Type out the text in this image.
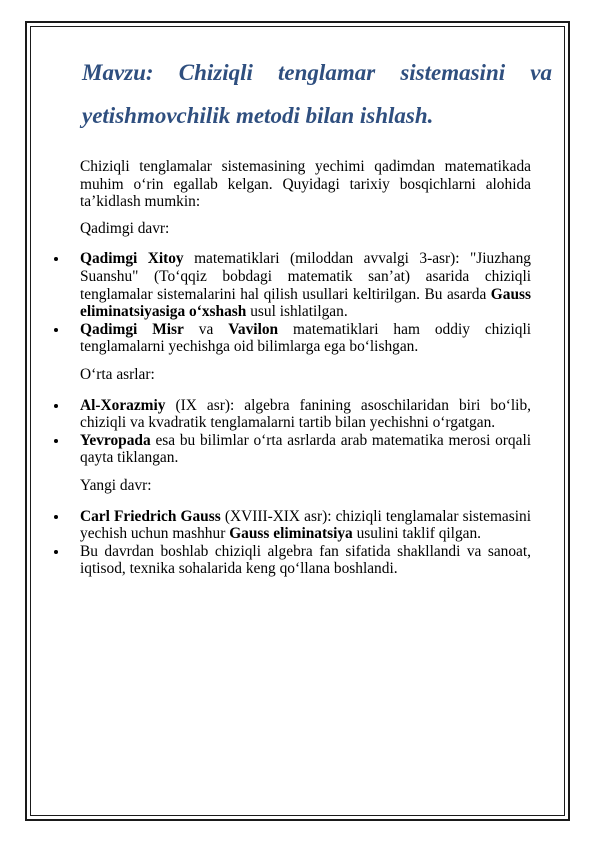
Mavzu: Chiziqli tenglamar sistemasini va
yetishmovchilik metodi bilan ishlash.

Chiziqli tenglamalar sistemasining yechimi qadimdan matematikada muhim o‘rin egallab kelgan. Quyidagi tarixiy bosqichlarni alohida ta’kidlash mumkin:

Qadimgi davr:

Qadimgi Xitoy matematiklari (miloddan avvalgi 3-asr): "Jiuzhang Suanshu" (To‘qqiz bobdagi matematik san’at) asarida chiziqli tenglamalar sistemalarini hal qilish usullari keltirilgan. Bu asarda Gauss eliminatsiyasiga o‘xshash usul ishlatilgan.
Qadimgi Misr va Vavilon matematiklari ham oddiy chiziqli tenglamalarni yechishga oid bilimlarga ega bo‘lishgan.

O‘rta asrlar:

Al-Xorazmiy (IX asr): algebra fanining asoschilaridan biri bo‘lib, chiziqli va kvadratik tenglamalarni tartib bilan yechishni o‘rgatgan.
Yevropada esa bu bilimlar o‘rta asrlarda arab matematika merosi orqali qayta tiklangan.

Yangi davr:

Carl Friedrich Gauss (XVIII-XIX asr): chiziqli tenglamalar sistemasini yechish uchun mashhur Gauss eliminatsiya usulini taklif qilgan.
Bu davrdan boshlab chiziqli algebra fan sifatida shakllandi va sanoat, iqtisod, texnika sohalarida keng qo‘llana boshlandi.
